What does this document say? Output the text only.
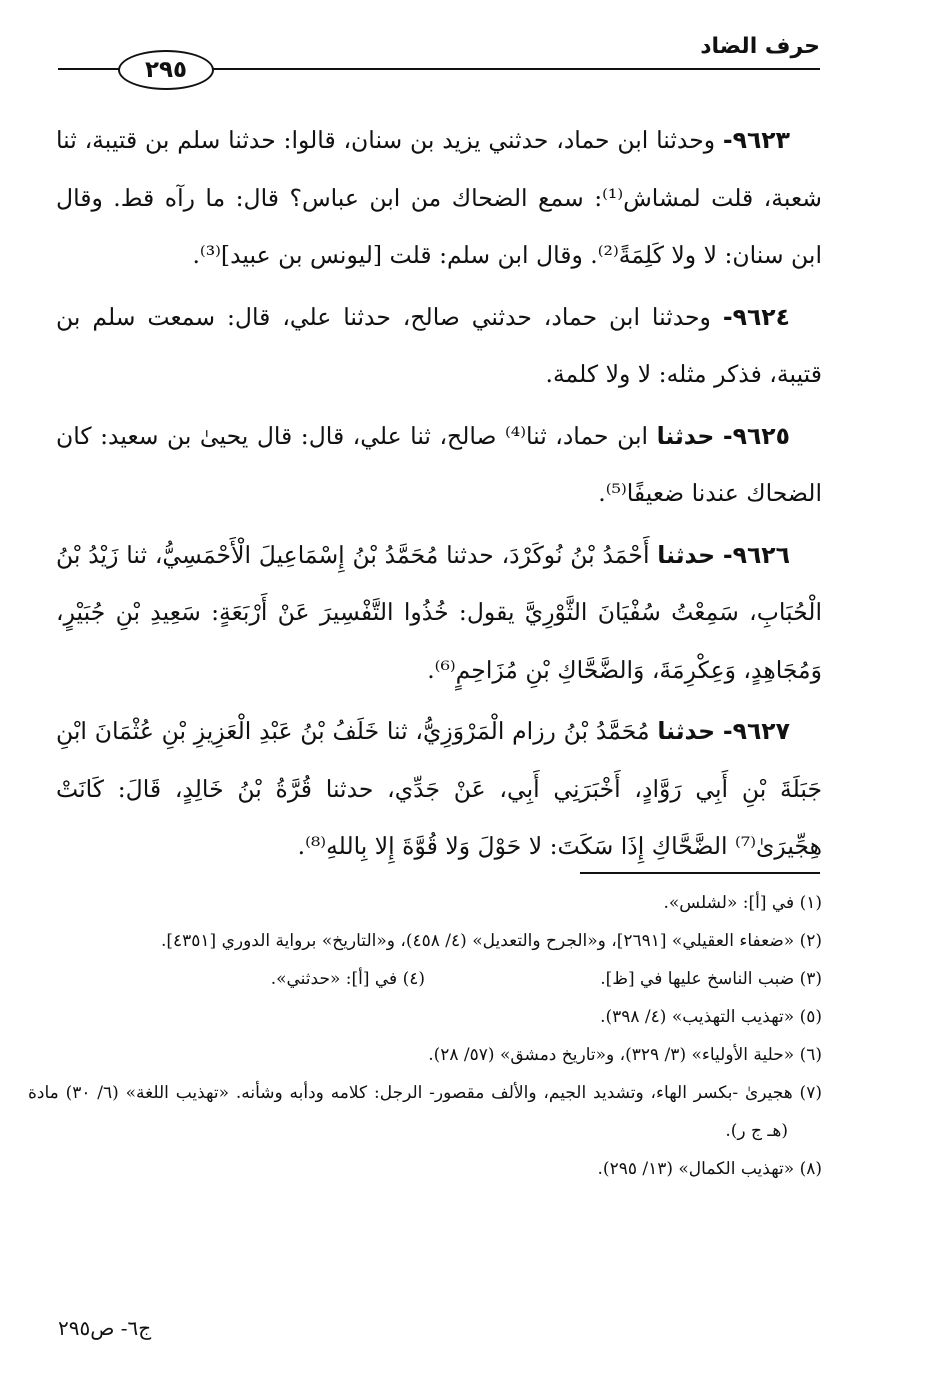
حرف الضاد
٢٩٥

٩٦٢٣- وحدثنا ابن حماد، حدثني يزيد بن سنان، قالوا: حدثنا سلم بن قتيبة، ثنا شعبة، قلت لمشاش⁽¹⁾: سمع الضحاك من ابن عباس؟ قال: ما رآه قط. وقال ابن سنان: لا ولا كَلِمَةً⁽²⁾. وقال ابن سلم: قلت [ليونس بن عبيد]⁽³⁾.

٩٦٢٤- وحدثنا ابن حماد، حدثني صالح، حدثنا علي، قال: سمعت سلم بن قتيبة، فذكر مثله: لا ولا كلمة.

٩٦٢٥- حدثنا ابن حماد، ثنا⁽⁴⁾ صالح، ثنا علي، قال: قال يحيىٰ بن سعيد: كان الضحاك عندنا ضعيفًا⁽⁵⁾.

٩٦٢٦- حدثنا أَحْمَدُ بْنُ نُوكَرْدَ، حدثنا مُحَمَّدُ بْنُ إِسْمَاعِيلَ الْأَحْمَسِيُّ، ثنا زَيْدُ بْنُ الْحُبَابِ، سَمِعْتُ سُفْيَانَ الثَّوْرِيَّ يقول: خُذُوا التَّفْسِيرَ عَنْ أَرْبَعَةٍ: سَعِيدِ بْنِ جُبَيْرٍ، وَمُجَاهِدٍ، وَعِكْرِمَةَ، وَالضَّحَّاكِ بْنِ مُزَاحِمٍ⁽⁶⁾.

٩٦٢٧- حدثنا مُحَمَّدُ بْنُ رزام الْمَرْوَزِيُّ، ثنا خَلَفُ بْنُ عَبْدِ الْعَزِيزِ بْنِ عُثْمَانَ ابْنِ جَبَلَةَ بْنِ أَبِي رَوَّادٍ، أَخْبَرَنِي أَبِي، عَنْ جَدِّي، حدثنا قُرَّةُ بْنُ خَالِدٍ، قَالَ: كَانَتْ هِجِّيرَىٰ⁽⁷⁾ الضَّحَّاكِ إِذَا سَكَتَ: لا حَوْلَ وَلا قُوَّةَ إِلا بِاللهِ⁽⁸⁾.

(١) في [أ]: «لشلس».

(٢) «ضعفاء العقيلي» [٢٦٩١]، و«الجرح والتعديل» (٤/ ٤٥٨)، و«التاريخ» برواية الدوري [٤٣٥١].

(٣) ضبب الناسخ عليها في [ظ].

(٤) في [أ]: «حدثني».

(٥) «تهذيب التهذيب» (٤/ ٣٩٨).

(٦) «حلية الأولياء» (٣/ ٣٢٩)، و«تاريخ دمشق» (٥٧/ ٢٨).

(٧) هجيرىٰ -بكسر الهاء، وتشديد الجيم، والألف مقصور- الرجل: كلامه ودأبه وشأنه. «تهذيب اللغة» (٦/ ٣٠) مادة (هـ ج ر).

(٨) «تهذيب الكمال» (١٣/ ٢٩٥).

ج٦- ص٢٩٥
